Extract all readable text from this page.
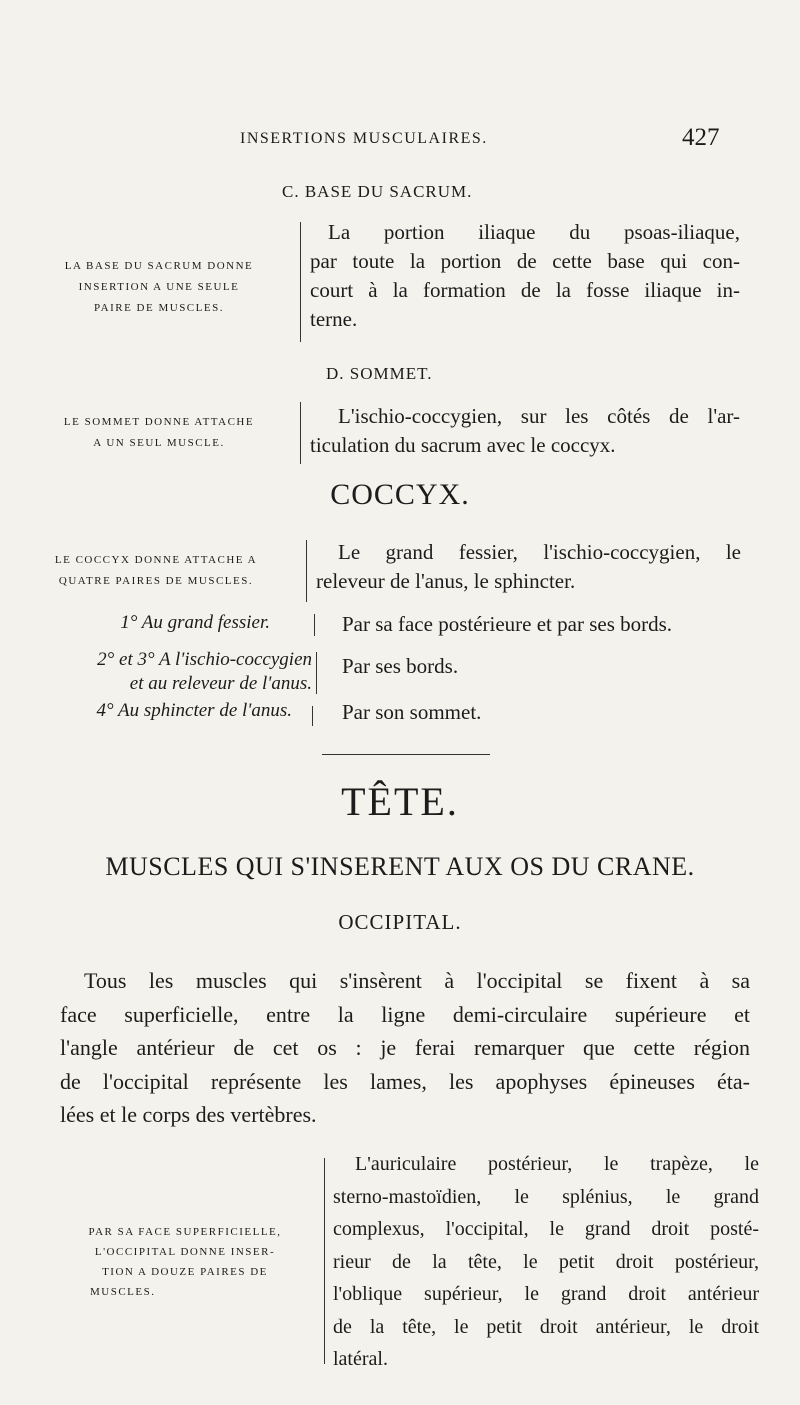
INSERTIONS MUSCULAIRES.	427
C. BASE DU SACRUM.
LA BASE DU SACRUM DONNE
INSERTION A UNE SEULE
PAIRE DE MUSCLES.
La portion iliaque du psoas-iliaque,
par toute la portion de cette base qui con-
court à la formation de la fosse iliaque in-
terne.
D. SOMMET.
LE SOMMET DONNE ATTACHE
A UN SEUL MUSCLE.
L'ischio-coccygien, sur les côtés de l'ar-
ticulation du sacrum avec le coccyx.
COCCYX.
LE COCCYX DONNE ATTACHE A
QUATRE PAIRES DE MUSCLES.
Le grand fessier, l'ischio-coccygien, le
releveur de l'anus, le sphincter.
1° Au grand fessier.	Par sa face postérieure et par ses bords.
2° et 3° A l'ischio-coccygien
et au releveur de l'anus.
Par ses bords.
4° Au sphincter de l'anus. Par son sommet.
TÊTE.
MUSCLES QUI S'INSERENT AUX OS DU CRANE.
OCCIPITAL.
Tous les muscles qui s'insèrent à l'occipital se fixent à sa
face superficielle, entre la ligne demi-circulaire supérieure et
l'angle antérieur de cet os : je ferai remarquer que cette région
de l'occipital représente les lames, les apophyses épineuses éta-
lées et le corps des vertèbres.
PAR SA FACE SUPERFICIELLE,
L'OCCIPITAL DONNE INSER-
TION A DOUZE PAIRES DE
MUSCLES.
L'auriculaire postérieur, le trapèze, le
sterno-mastoïdien, le splénius, le grand
complexus, l'occipital, le grand droit posté-
rieur de la tête, le petit droit postérieur,
l'oblique supérieur, le grand droit antérieur
de la tête, le petit droit antérieur, le droit
latéral.
